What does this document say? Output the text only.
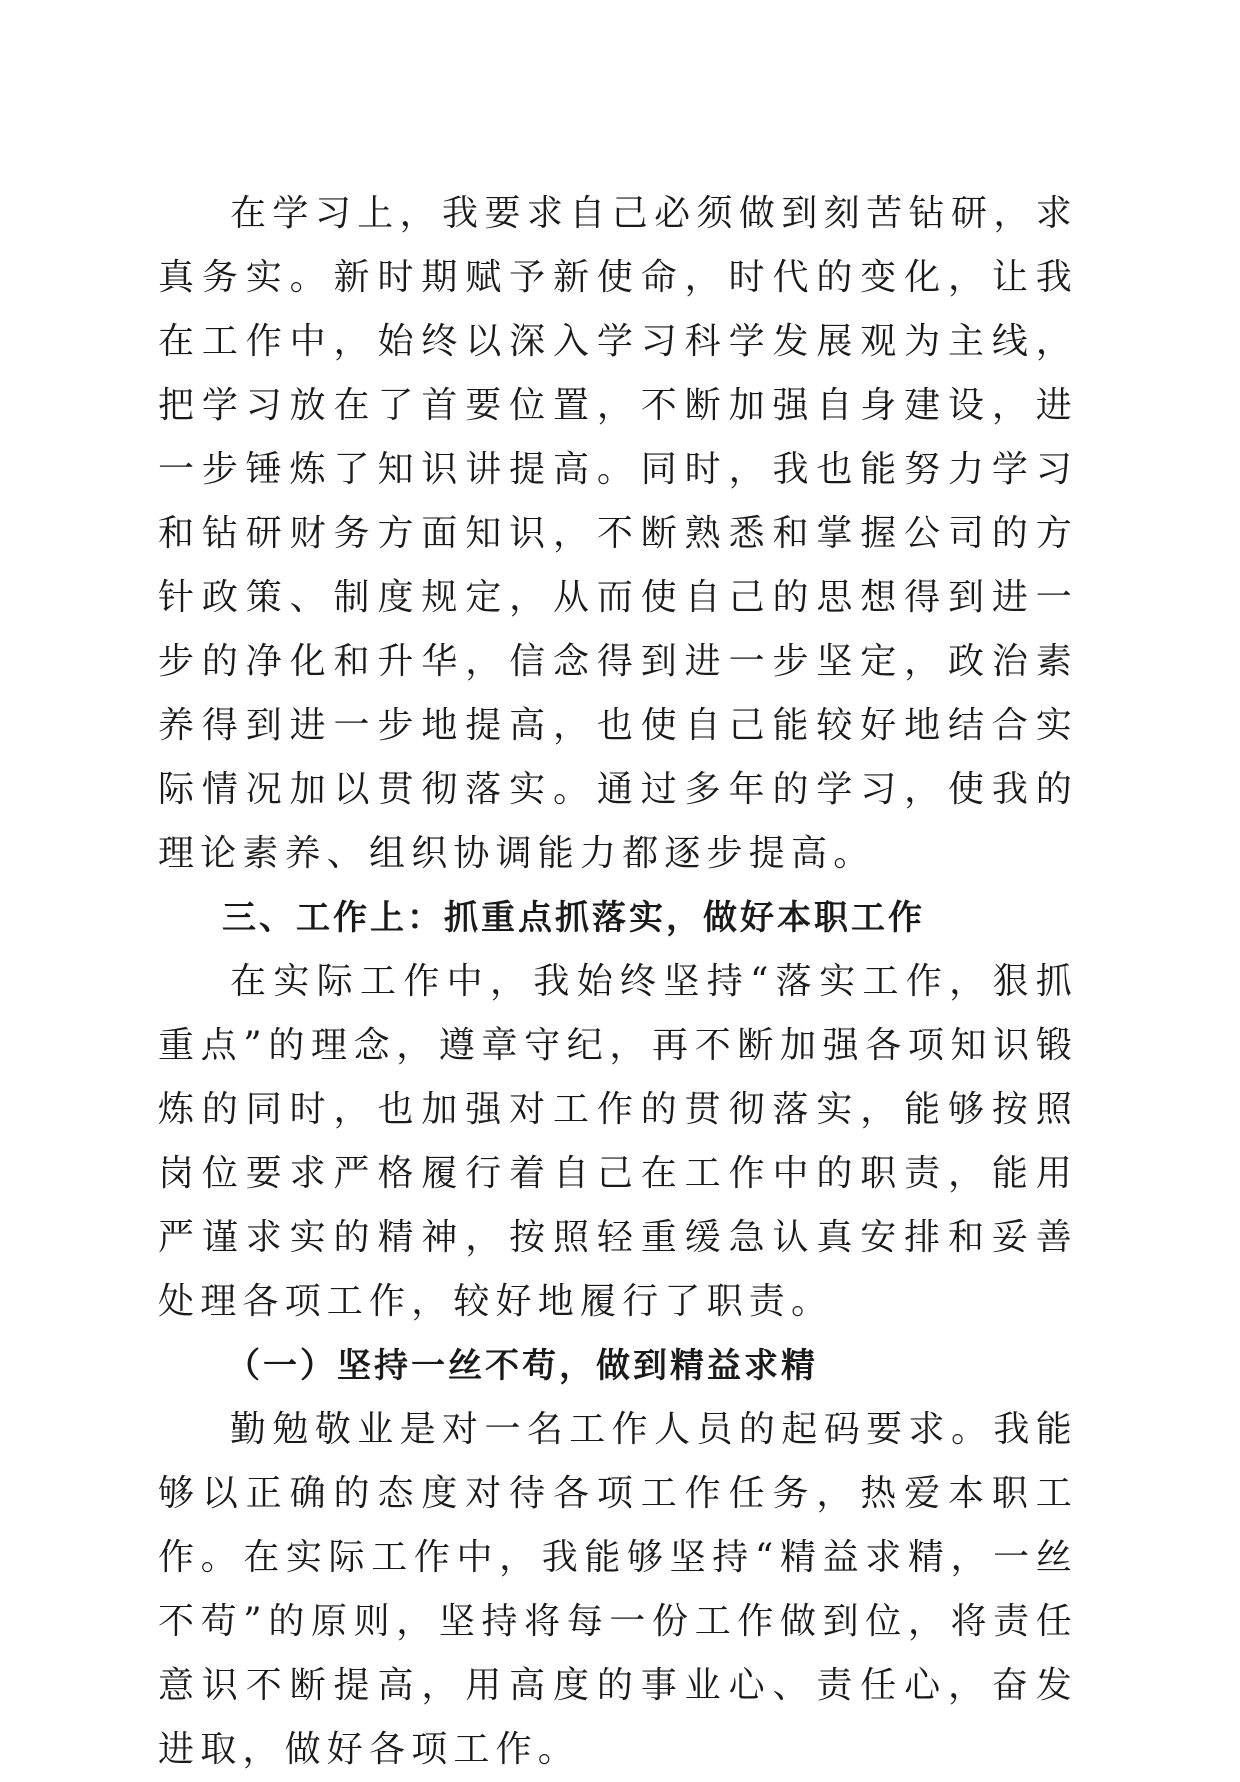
在学习上，我要求自己必须做到刻苦钻研，求真务实。新时期赋予新使命，时代的变化，让我在工作中，始终以深入学习科学发展观为主线，把学习放在了首要位置，不断加强自身建设，进一步锤炼了知识讲提高。同时，我也能努力学习和钻研财务方面知识，不断熟悉和掌握公司的方针政策、制度规定，从而使自己的思想得到进一步的净化和升华，信念得到进一步坚定，政治素养得到进一步地提高，也使自己能较好地结合实际情况加以贯彻落实。通过多年的学习，使我的理论素养、组织协调能力都逐步提高。

三、工作上：抓重点抓落实，做好本职工作

在实际工作中，我始终坚持“落实工作，狠抓重点”的理念，遵章守纪，再不断加强各项知识锻炼的同时，也加强对工作的贯彻落实，能够按照岗位要求严格履行着自己在工作中的职责，能用严谨求实的精神，按照轻重缓急认真安排和妥善处理各项工作，较好地履行了职责。

（一）坚持一丝不苟，做到精益求精

勤勉敬业是对一名工作人员的起码要求。我能够以正确的态度对待各项工作任务，热爱本职工作。在实际工作中，我能够坚持“精益求精，一丝不苟”的原则，坚持将每一份工作做到位，将责任意识不断提高，用高度的事业心、责任心，奋发进取，做好各项工作。
